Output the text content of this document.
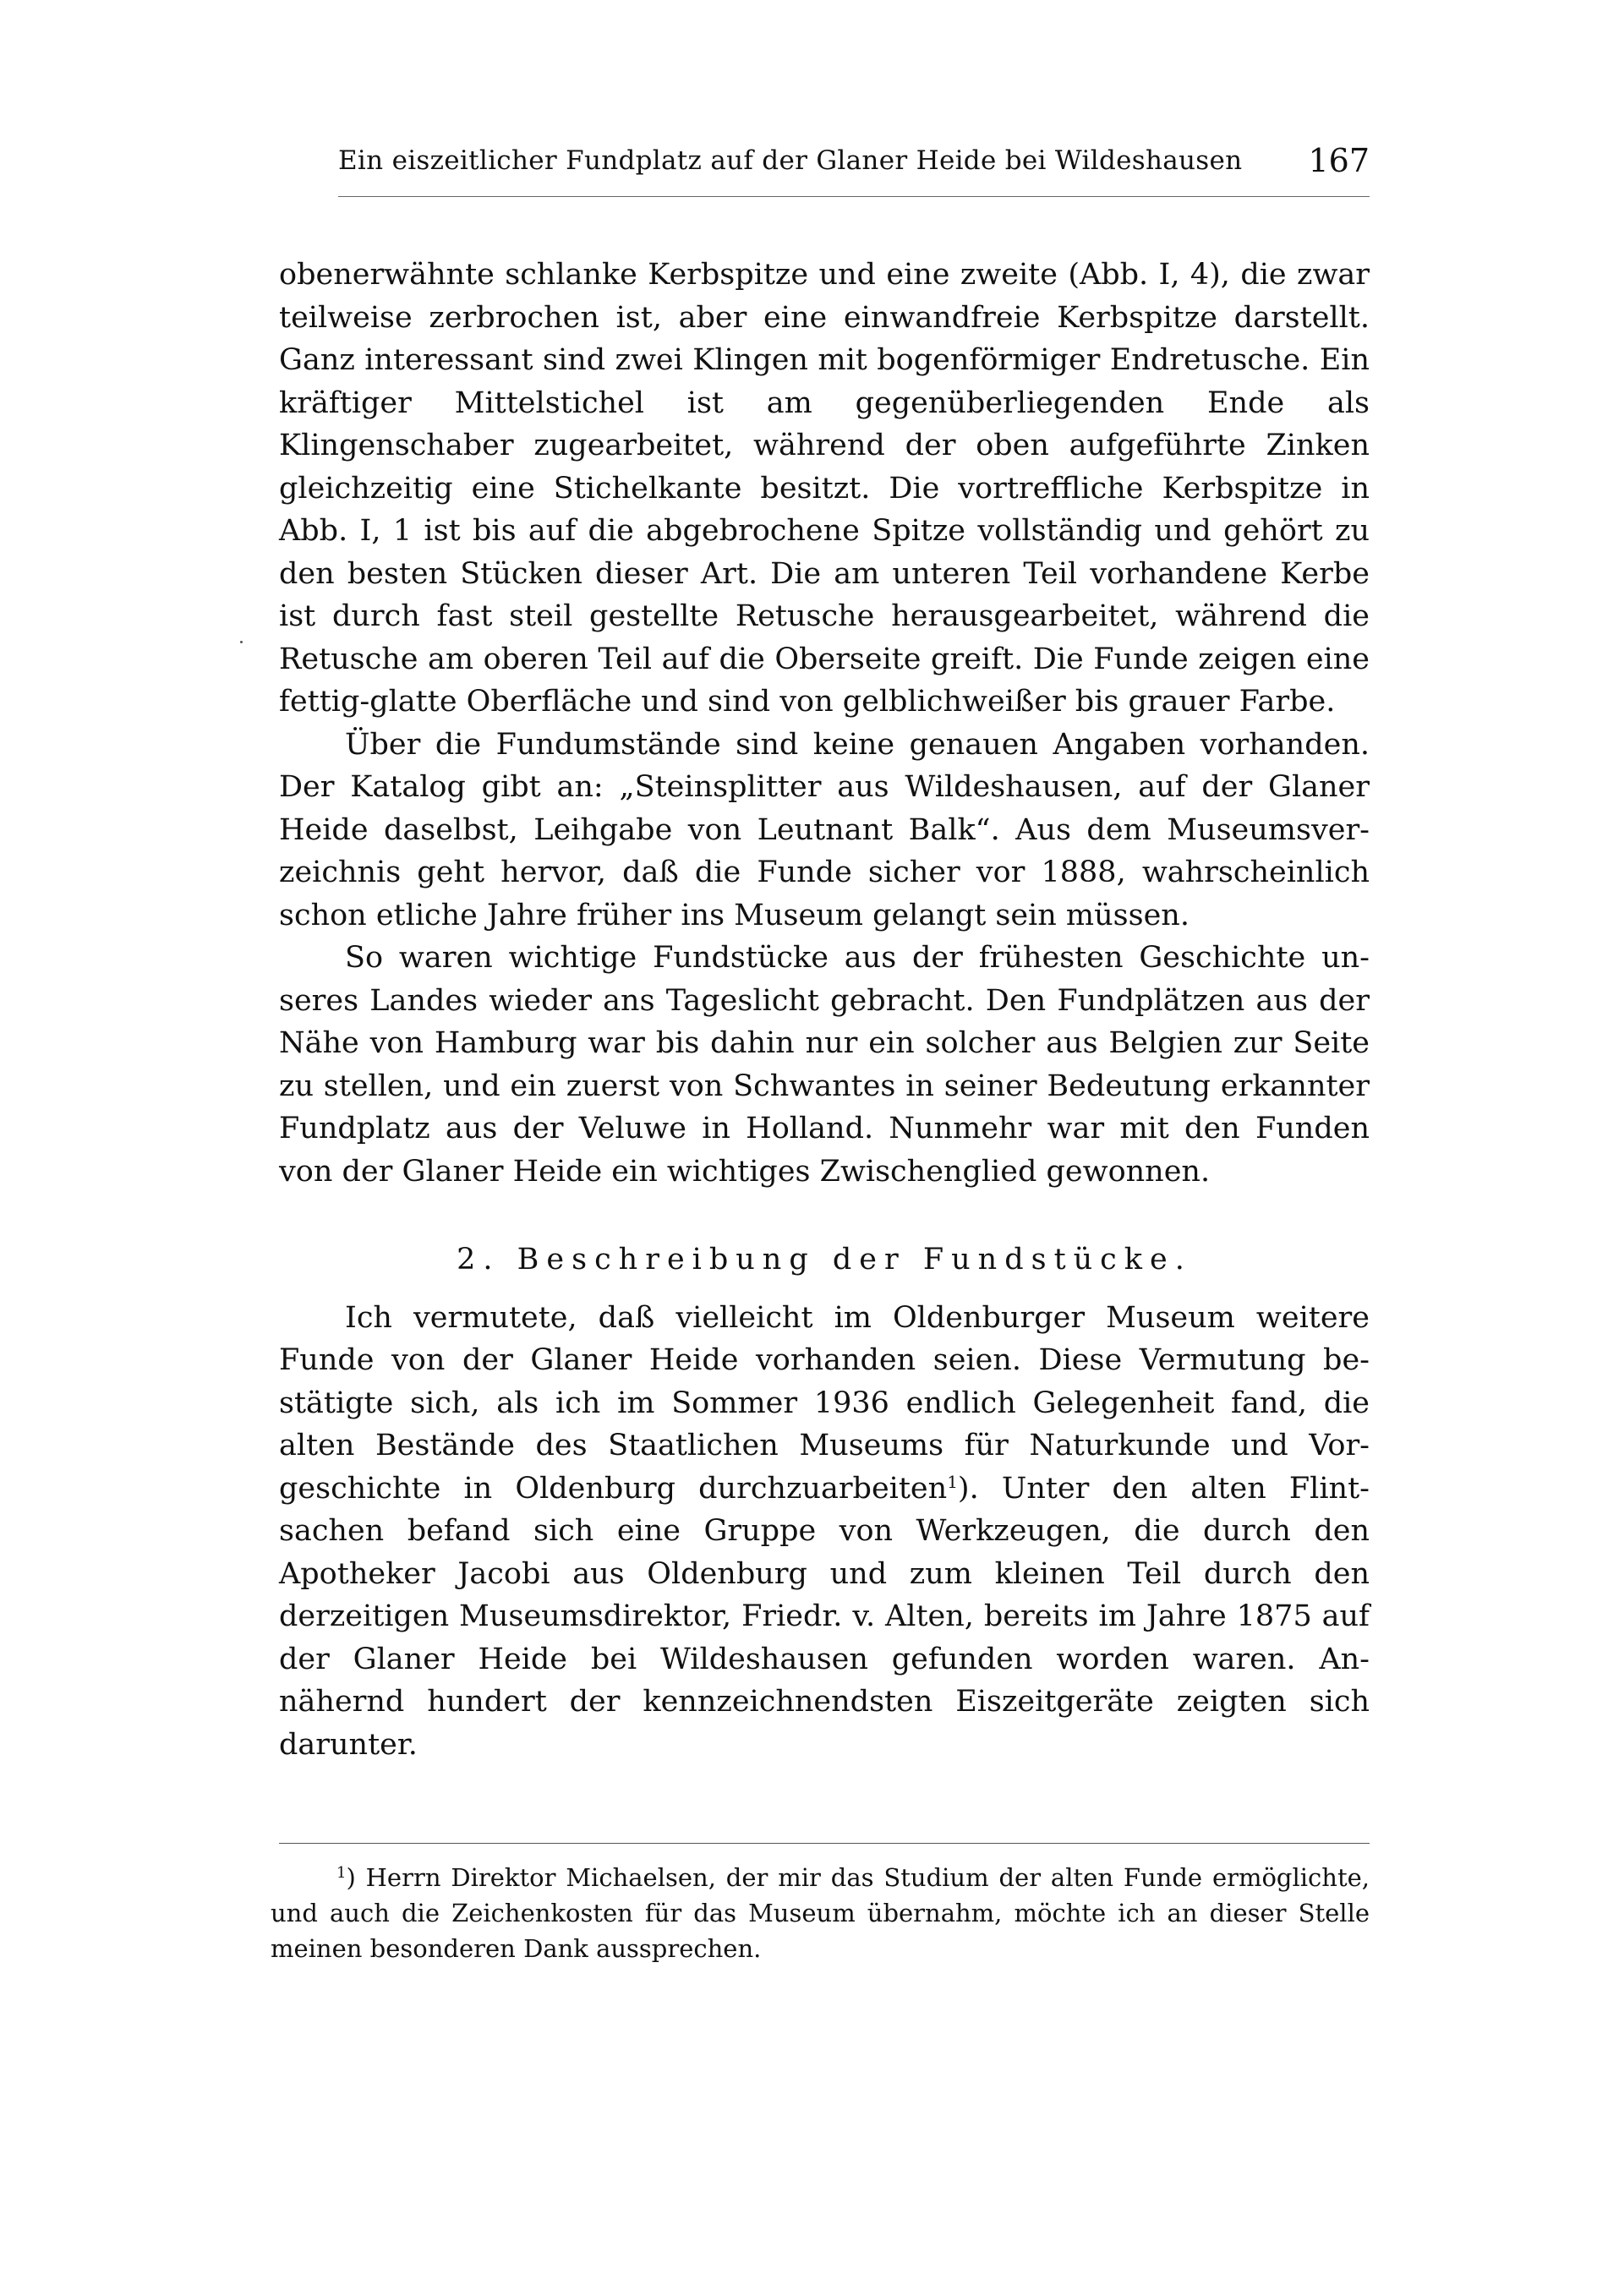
Ein eiszeitlicher Fundplatz auf der Glaner Heide bei Wildeshausen 167

obenerwähnte schlanke Kerbspitze und eine zweite (Abb. I, 4), die zwar teilweise zerbrochen ist, aber eine einwandfreie Kerbspitze darstellt. Ganz interessant sind zwei Klingen mit bogenförmiger Endretusche. Ein kräftiger Mittelstichel ist am gegenüberliegenden Ende als Klingenschaber zugearbeitet, während der oben aufgeführte Zinken gleichzeitig eine Stichelkante besitzt. Die vortreffliche Kerbspitze in Abb. I, 1 ist bis auf die abgebrochene Spitze vollständig und gehört zu den besten Stücken dieser Art. Die am unteren Teil vorhandene Kerbe ist durch fast steil gestellte Retusche herausgearbeitet, während die Retusche am oberen Teil auf die Oberseite greift. Die Funde zeigen eine fettig-glatte Oberfläche und sind von gelblichweißer bis grauer Farbe.

Über die Fundumstände sind keine genauen Angaben vorhanden. Der Katalog gibt an: „Steinsplitter aus Wildeshausen, auf der Glaner Heide daselbst, Leihgabe von Leutnant Balk“. Aus dem Museumsverzeichnis geht hervor, daß die Funde sicher vor 1888, wahrscheinlich schon etliche Jahre früher ins Museum gelangt sein müssen.

So waren wichtige Fundstücke aus der frühesten Geschichte unseres Landes wieder ans Tageslicht gebracht. Den Fundplätzen aus der Nähe von Hamburg war bis dahin nur ein solcher aus Belgien zur Seite zu stellen, und ein zuerst von Schwantes in seiner Bedeutung erkannter Fundplatz aus der Veluwe in Holland. Nunmehr war mit den Funden von der Glaner Heide ein wichtiges Zwischenglied gewonnen.

2. Beschreibung der Fundstücke.

Ich vermutete, daß vielleicht im Oldenburger Museum weitere Funde von der Glaner Heide vorhanden seien. Diese Vermutung bestätigte sich, als ich im Sommer 1936 endlich Gelegenheit fand, die alten Bestände des Staatlichen Museums für Naturkunde und Vorgeschichte in Oldenburg durchzuarbeiten$^1$). Unter den alten Flintsachen befand sich eine Gruppe von Werkzeugen, die durch den Apotheker Jacobi aus Oldenburg und zum kleinen Teil durch den derzeitigen Museumsdirektor, Friedr. v. Alten, bereits im Jahre 1875 auf der Glaner Heide bei Wildeshausen gefunden worden waren. Annähernd hundert der kennzeichnendsten Eiszeitgeräte zeigten sich darunter.

$^1$) Herrn Direktor Michaelsen, der mir das Studium der alten Funde ermöglichte, und auch die Zeichenkosten für das Museum übernahm, möchte ich an dieser Stelle meinen besonderen Dank aussprechen.
